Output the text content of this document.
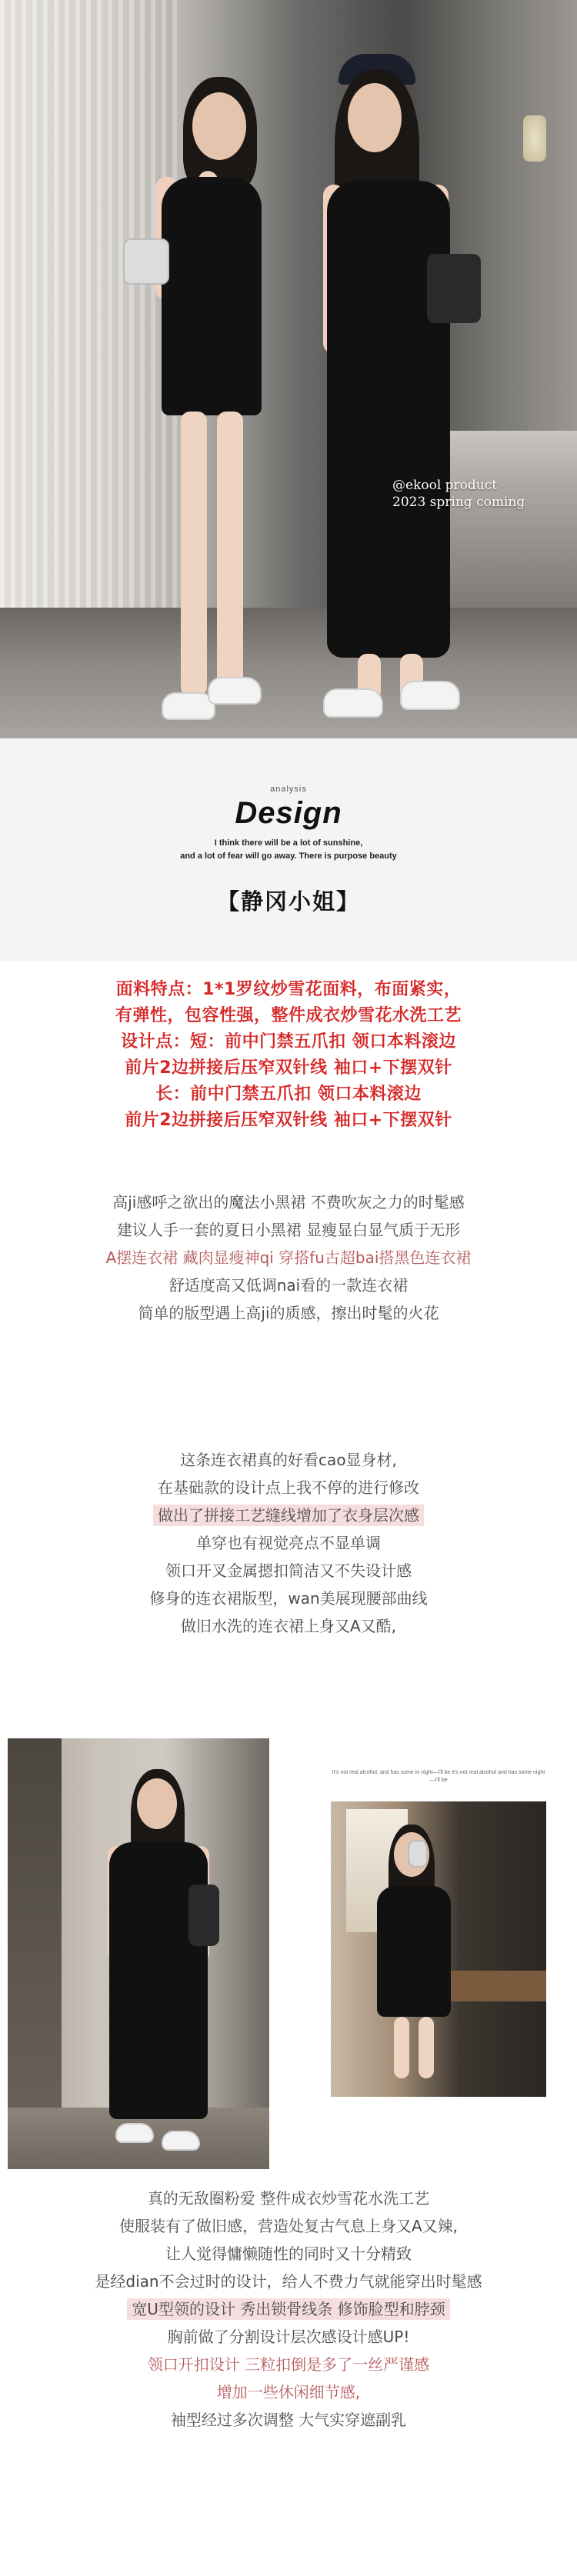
@ekool product
2023 spring coming
analysis
Design
I think there will be a lot of sunshine,
and a lot of fear will go away. There is purpose beauty
【静冈小姐】
面料特点：1*1罗纹炒雪花面料，布面紧实，
有弹性，包容性强，整件成衣炒雪花水洗工艺
设计点：短：前中门禁五爪扣 领口本料滚边
前片2边拼接后压窄双针线 袖口+下摆双针
长：前中门禁五爪扣 领口本料滚边
前片2边拼接后压窄双针线 袖口+下摆双针
高ji感呼之欲出的魔法小黑裙 不费吹灰之力的时髦感
建议人手一套的夏日小黑裙 显瘦显白显气质于无形
A摆连衣裙 藏肉显瘦神qi 穿搭fu古超bai搭黑色连衣裙
舒适度高又低调nai看的一款连衣裙
简单的版型遇上高ji的质感，擦出时髦的火花
这条连衣裙真的好看cao显身材,
在基础款的设计点上我不停的进行修改
做出了拼接工艺缝线增加了衣身层次感
单穿也有视觉亮点不显单调
领口开叉金属摁扣简洁又不失设计感
修身的连衣裙版型，wan美展现腰部曲线
做旧水洗的连衣裙上身又A又酷,
It's not real alcohol, and has some in night—I'll be it's not real alcohol and has some night—I'll be
真的无敌圈粉爱 整件成衣炒雪花水洗工艺
使服装有了做旧感，营造处复古气息上身又A又辣,
让人觉得慵懒随性的同时又十分精致
是经dian不会过时的设计，给人不费力气就能穿出时髦感
宽U型领的设计 秀出锁骨线条 修饰脸型和脖颈
胸前做了分割设计层次感设计感UP!
领口开扣设计 三粒扣倒是多了一丝严谨感
增加一些休闲细节感,
袖型经过多次调整 大气实穿遮副乳
